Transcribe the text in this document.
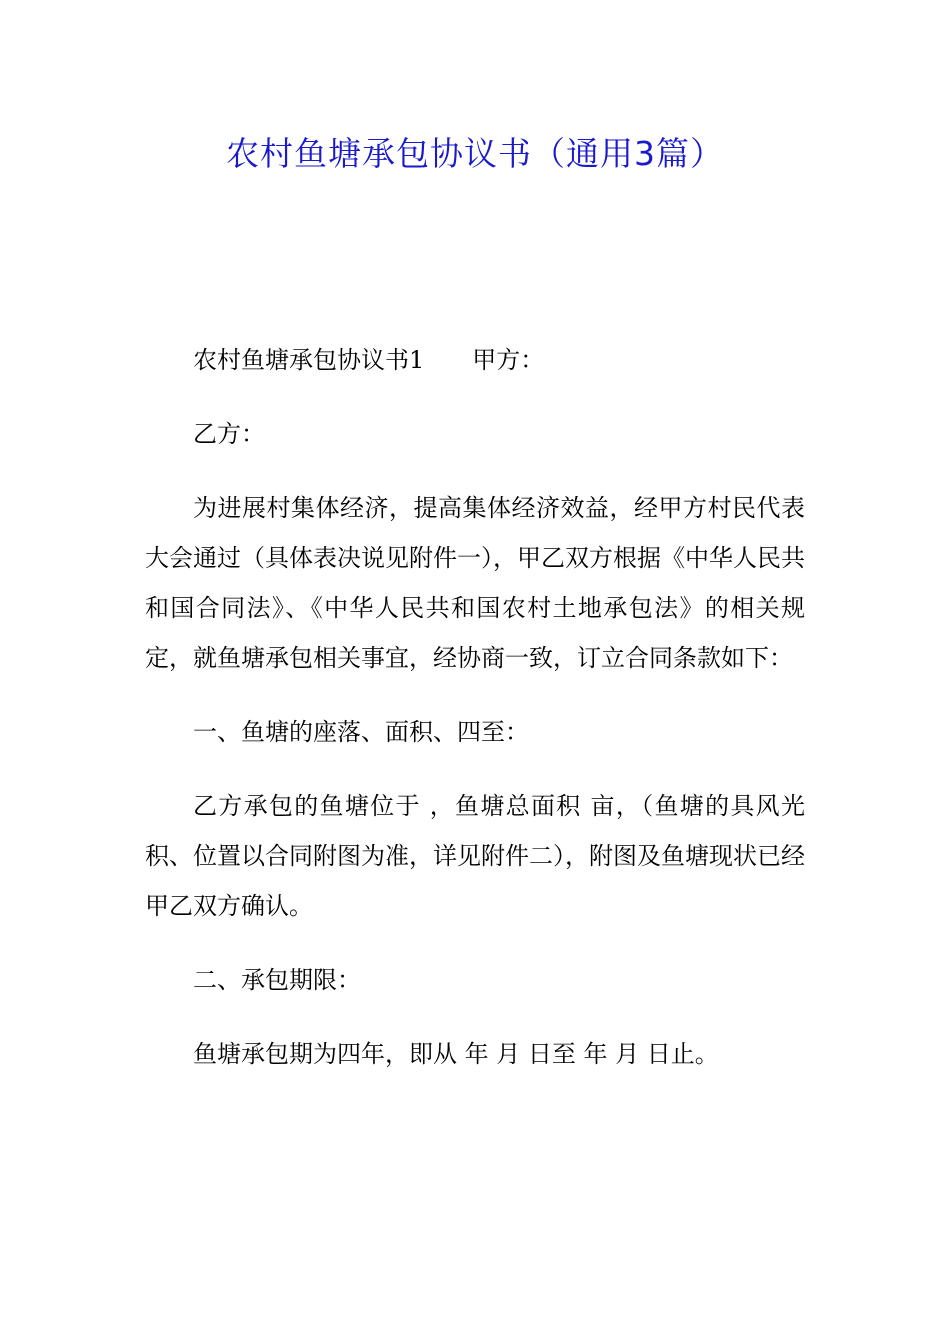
农村鱼塘承包协议书（通用3篇）

农村鱼塘承包协议书1 甲方：

乙方：

为进展村集体经济，提高集体经济效益，经甲方村民代表大会通过（具体表决说见附件一），甲乙双方根据《中华人民共和国合同法》、《中华人民共和国农村土地承包法》的相关规定，就鱼塘承包相关事宜，经协商一致，订立合同条款如下：

一、鱼塘的座落、面积、四至：

乙方承包的鱼塘位于 ，鱼塘总面积 亩，（鱼塘的具风光积、位置以合同附图为准，详见附件二），附图及鱼塘现状已经甲乙双方确认。

二、承包期限：

鱼塘承包期为四年，即从 年 月 日至 年 月 日止。
